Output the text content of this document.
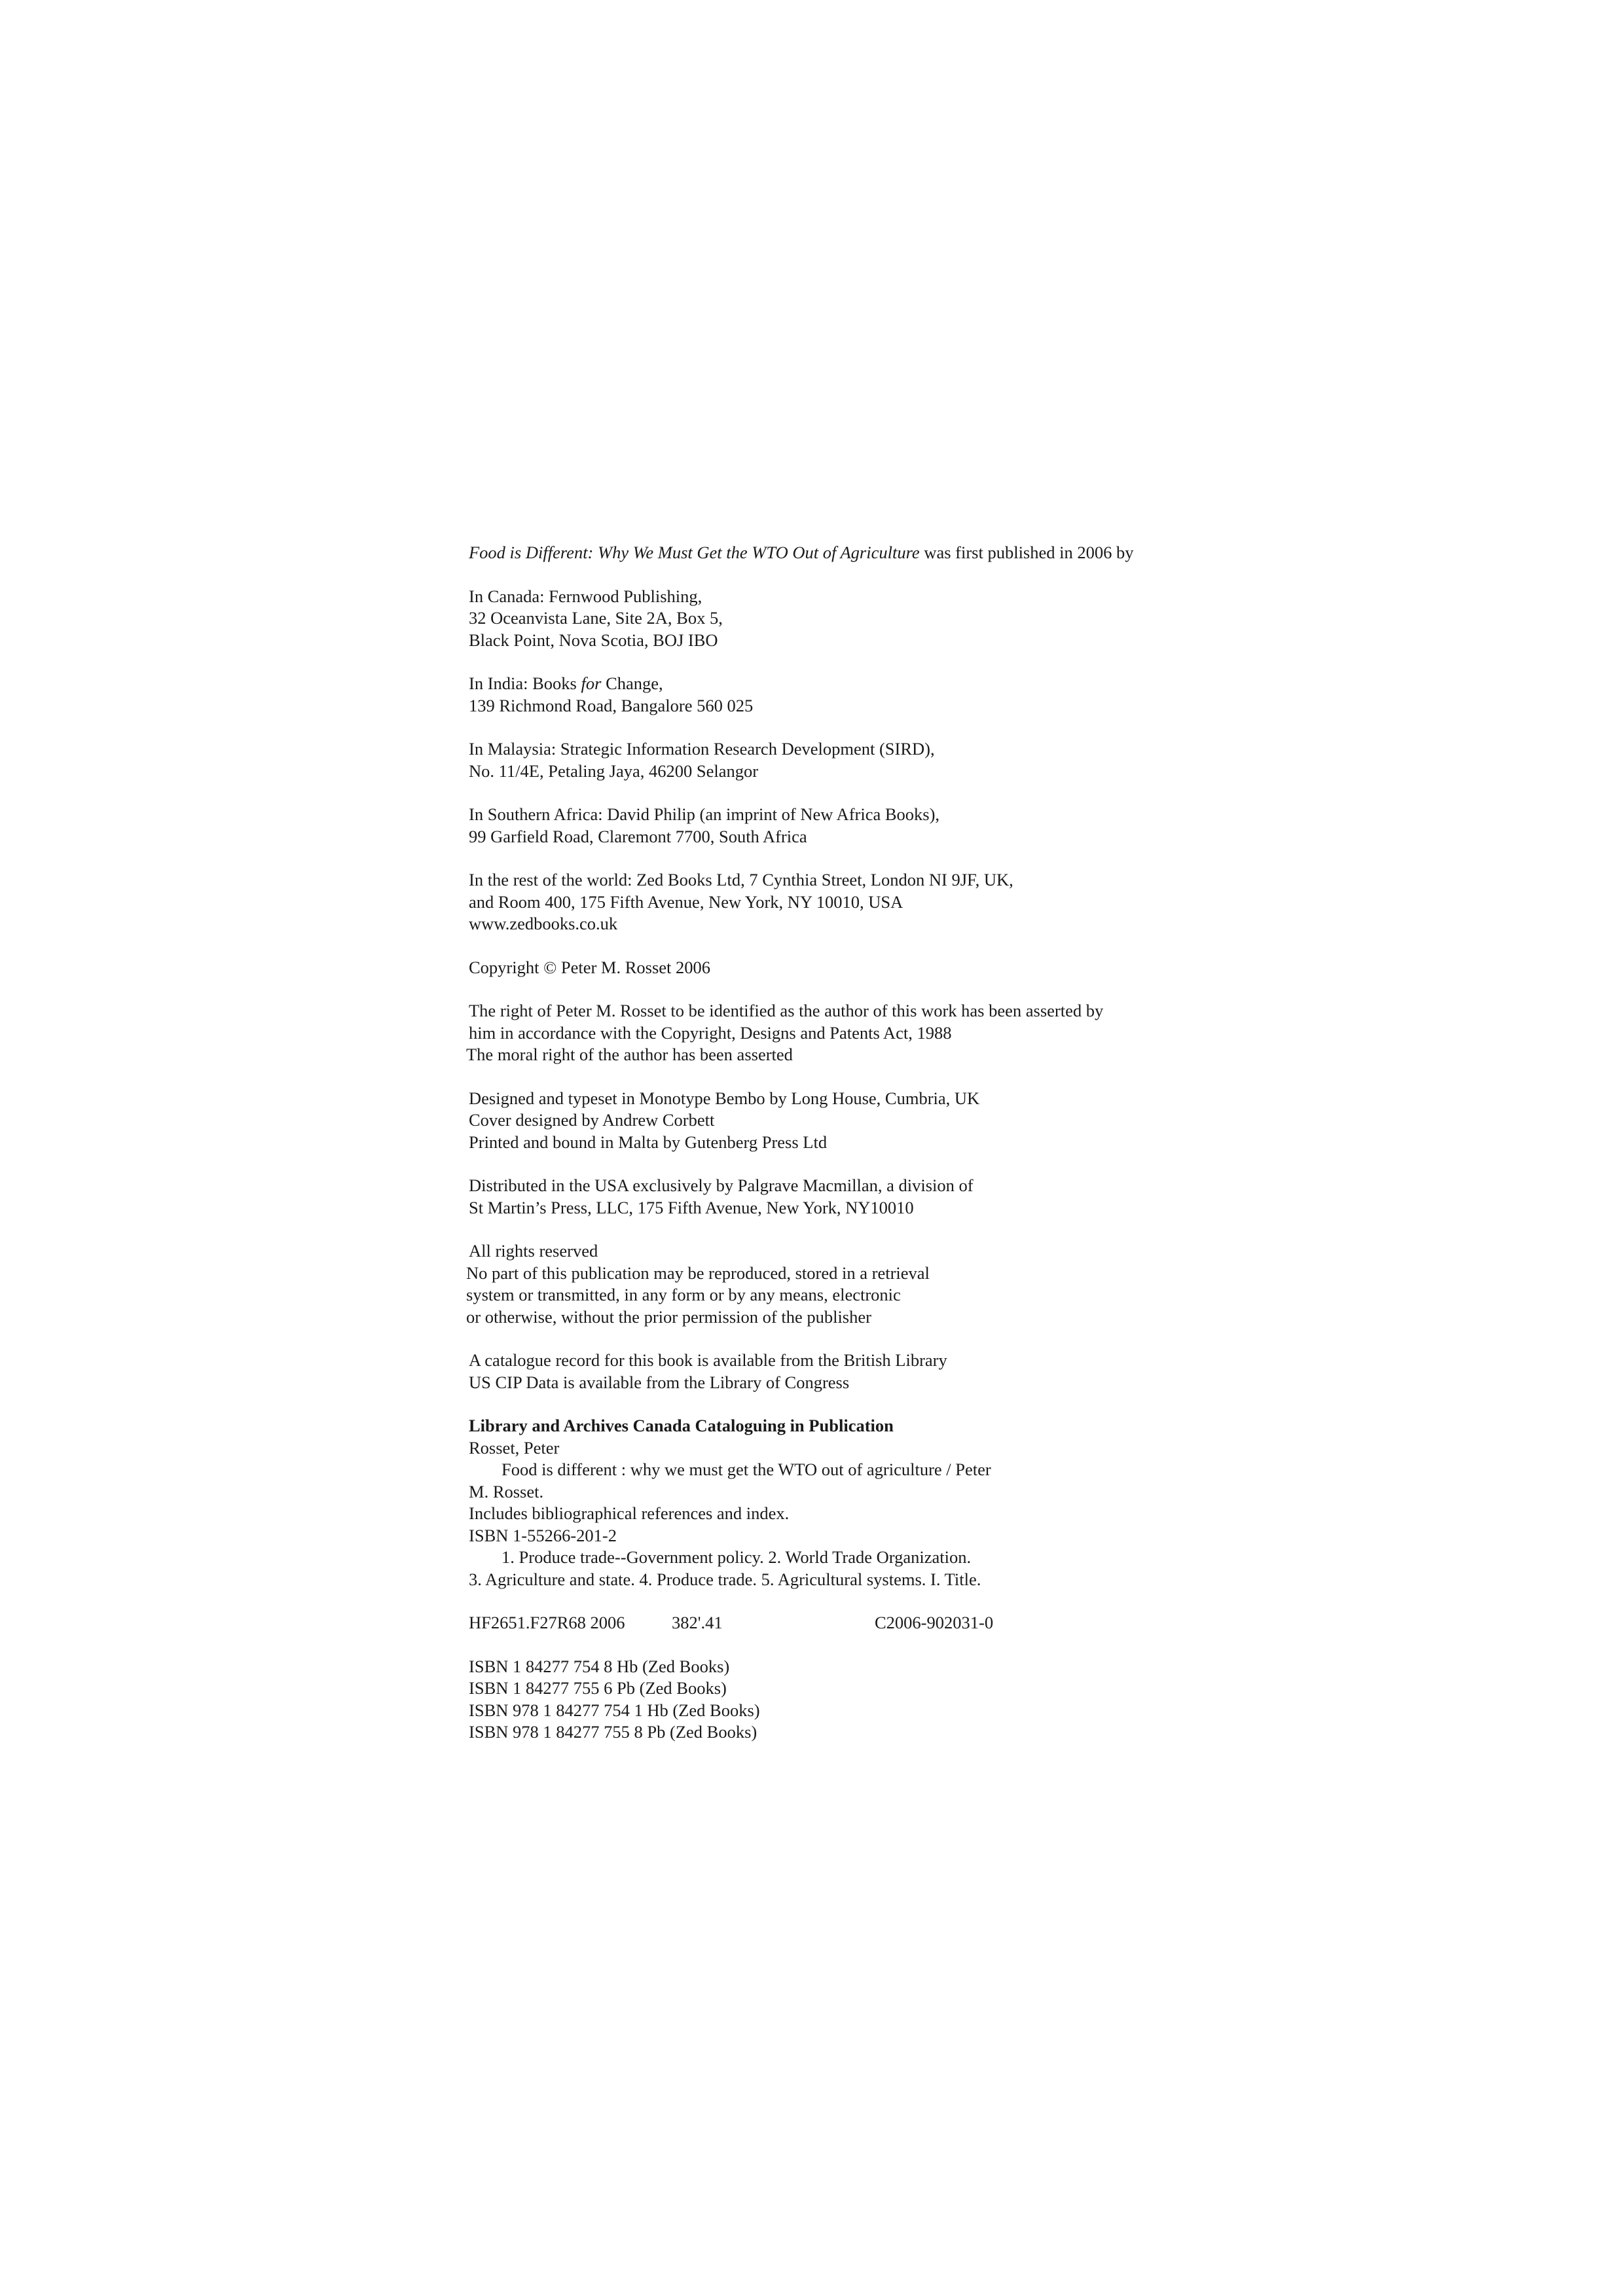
Food is Different: Why We Must Get the WTO Out of Agriculture was first published in 2006 by
In Canada: Fernwood Publishing,
32 Oceanvista Lane, Site 2A, Box 5,
Black Point, Nova Scotia, BOJ IBO
In India: Books for Change,
139 Richmond Road, Bangalore 560 025
In Malaysia: Strategic Information Research Development (SIRD),
No. 11/4E, Petaling Jaya, 46200 Selangor
In Southern Africa: David Philip (an imprint of New Africa Books),
99 Garfield Road, Claremont 7700, South Africa
In the rest of the world: Zed Books Ltd, 7 Cynthia Street, London NI 9JF, UK,
and Room 400, 175 Fifth Avenue, New York, NY 10010, USA
www.zedbooks.co.uk
Copyright © Peter M. Rosset 2006
The right of Peter M. Rosset to be identified as the author of this work has been asserted by
him in accordance with the Copyright, Designs and Patents Act, 1988
The moral right of the author has been asserted
Designed and typeset in Monotype Bembo by Long House, Cumbria, UK
Cover designed by Andrew Corbett
Printed and bound in Malta by Gutenberg Press Ltd
Distributed in the USA exclusively by Palgrave Macmillan, a division of
St Martin’s Press, LLC, 175 Fifth Avenue, New York, NY10010
All rights reserved
No part of this publication may be reproduced, stored in a retrieval
system or transmitted, in any form or by any means, electronic
or otherwise, without the prior permission of the publisher
A catalogue record for this book is available from the British Library
US CIP Data is available from the Library of Congress
Library and Archives Canada Cataloguing in Publication
Rosset, Peter
Food is different : why we must get the WTO out of agriculture / Peter
M. Rosset.
Includes bibliographical references and index.
ISBN 1-55266-201-2
1. Produce trade--Government policy. 2. World Trade Organization.
3. Agriculture and state. 4. Produce trade. 5. Agricultural systems. I. Title.
HF2651.F27R68 2006	382'.41	C2006-902031-0
ISBN 1 84277 754 8 Hb (Zed Books)
ISBN 1 84277 755 6 Pb (Zed Books)
ISBN 978 1 84277 754 1 Hb (Zed Books)
ISBN 978 1 84277 755 8 Pb (Zed Books)
